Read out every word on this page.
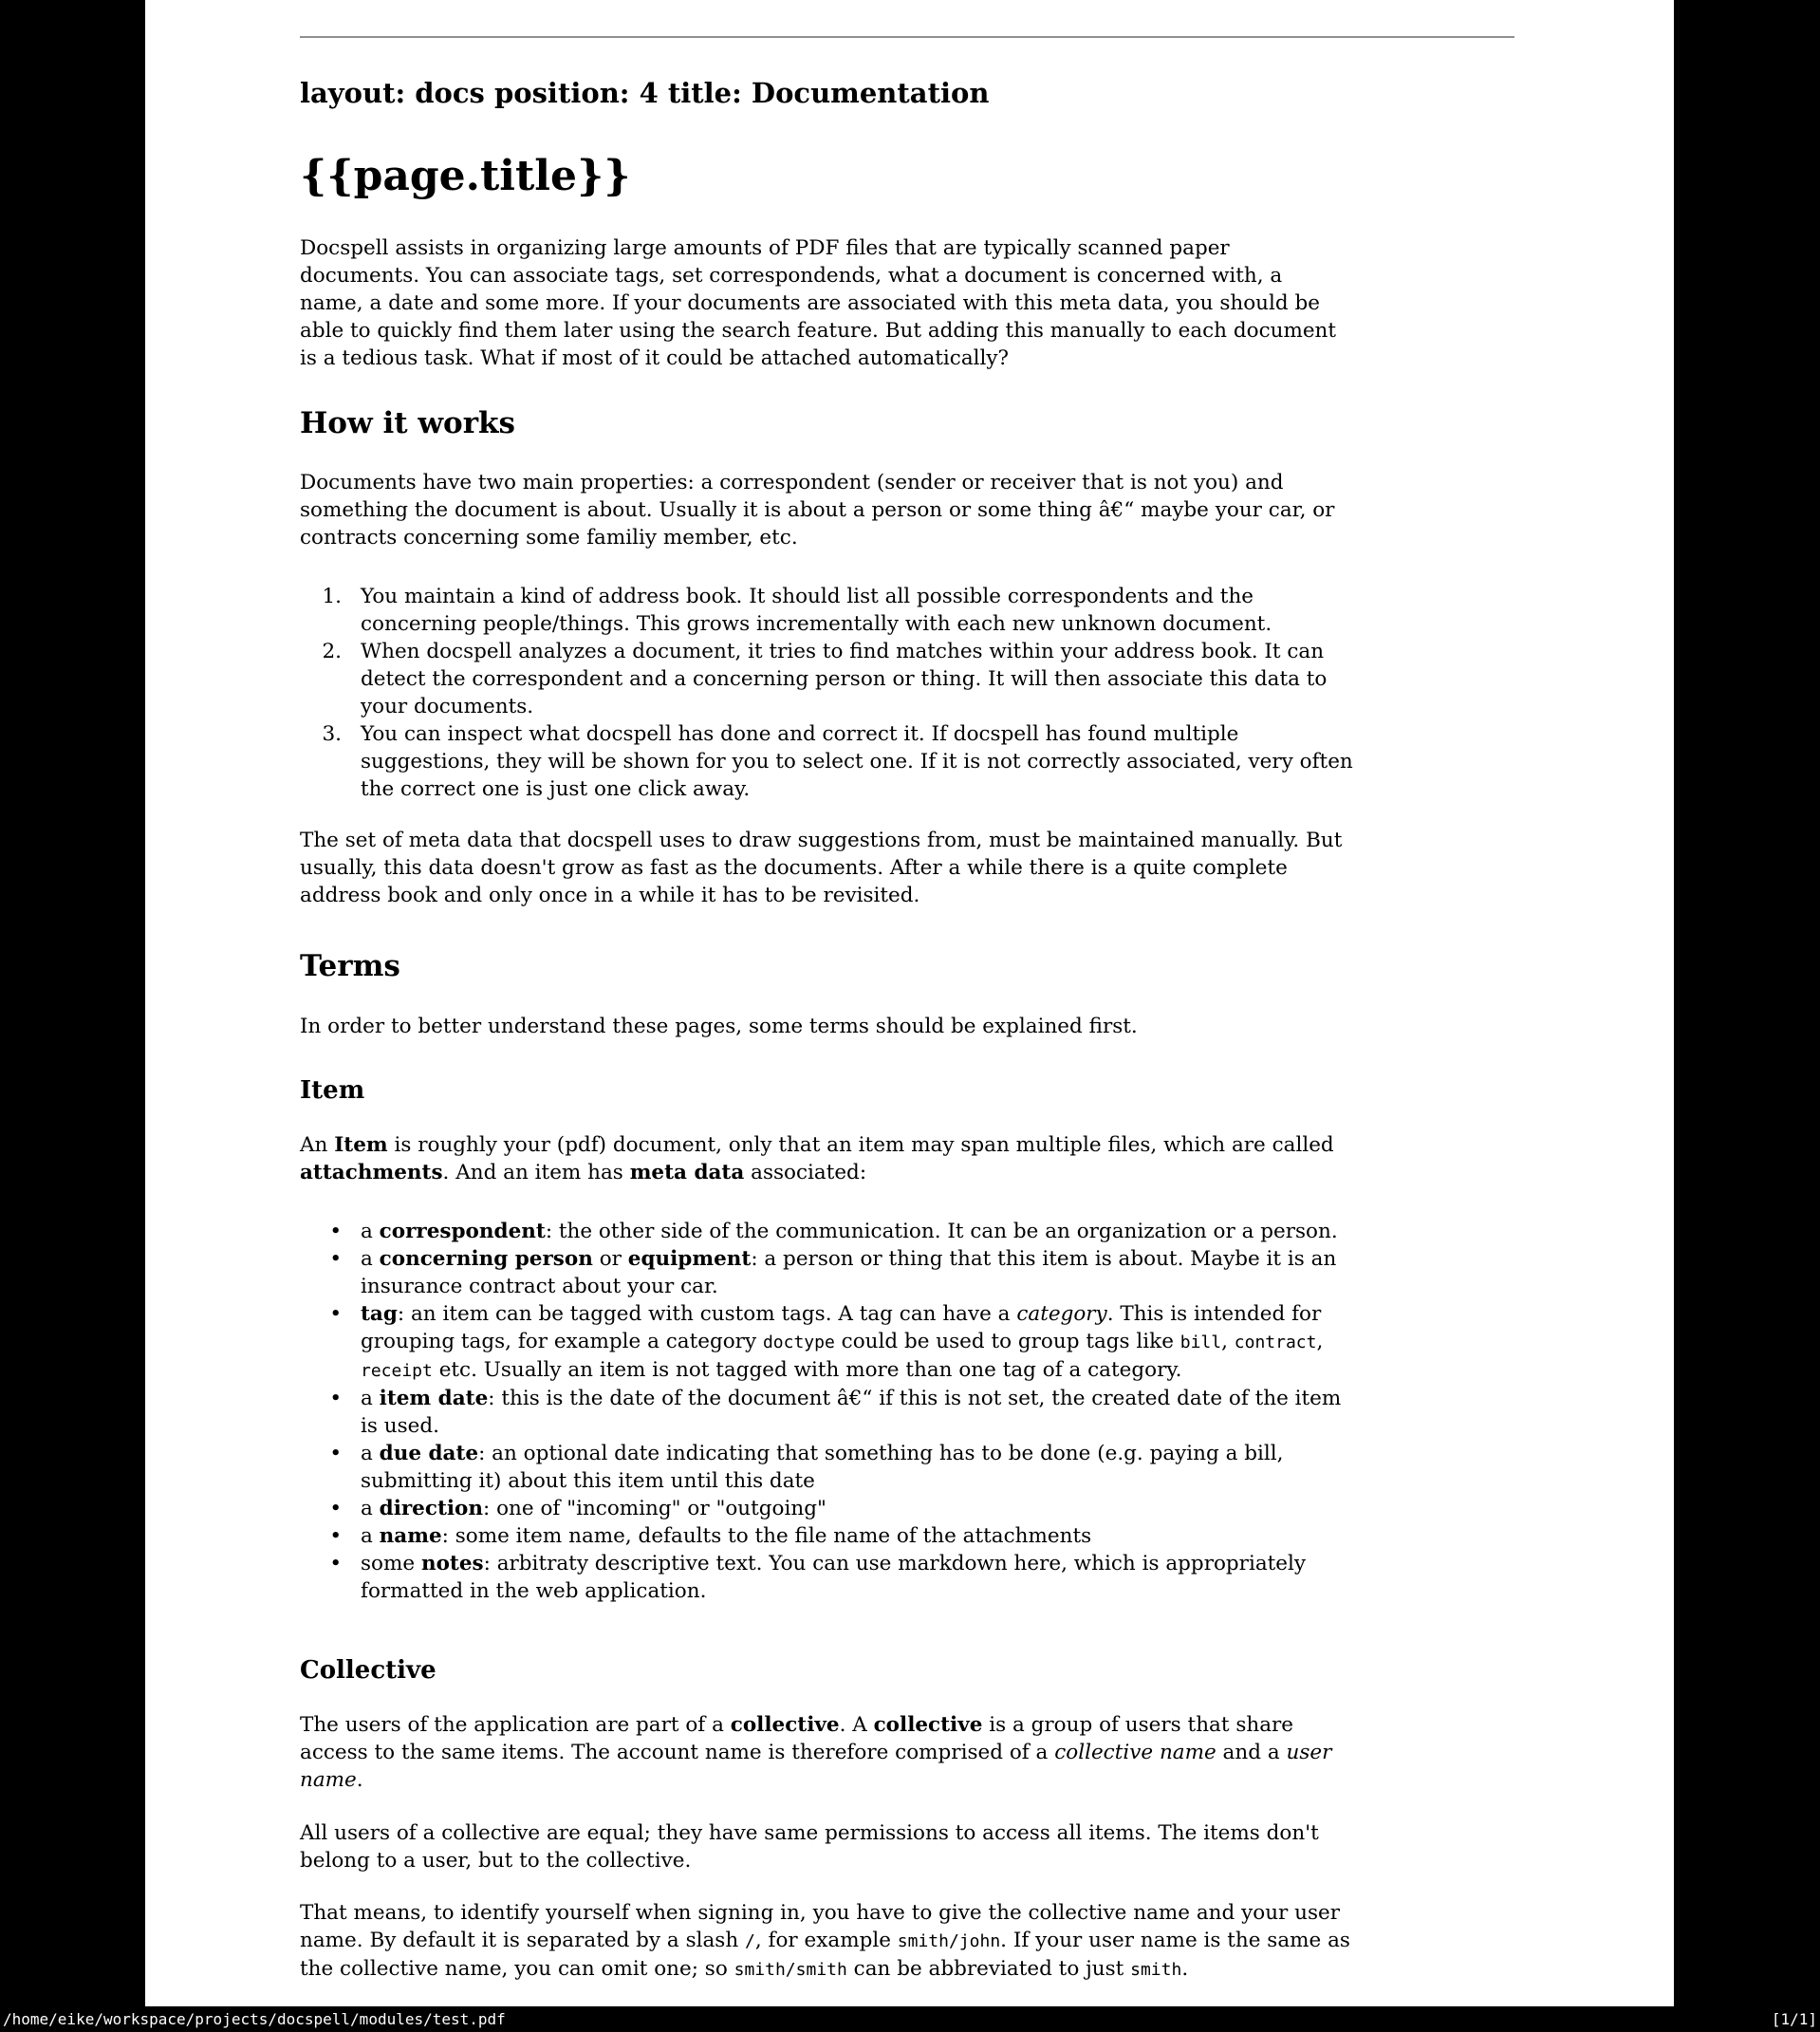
layout: docs position: 4 title: Documentation
{{page.title}}
Docspell assists in organizing large amounts of PDF files that are typically scanned paper
documents. You can associate tags, set correspondends, what a document is concerned with, a
name, a date and some more. If your documents are associated with this meta data, you should be
able to quickly find them later using the search feature. But adding this manually to each document
is a tedious task. What if most of it could be attached automatically?
How it works
Documents have two main properties: a correspondent (sender or receiver that is not you) and
something the document is about. Usually it is about a person or some thing â€“ maybe your car, or
contracts concerning some familiy member, etc.
1. You maintain a kind of address book. It should list all possible correspondents and the
concerning people/things. This grows incrementally with each new unknown document.
2. When docspell analyzes a document, it tries to find matches within your address book. It can
detect the correspondent and a concerning person or thing. It will then associate this data to
your documents.
3. You can inspect what docspell has done and correct it. If docspell has found multiple
suggestions, they will be shown for you to select one. If it is not correctly associated, very often
the correct one is just one click away.
The set of meta data that docspell uses to draw suggestions from, must be maintained manually. But
usually, this data doesn't grow as fast as the documents. After a while there is a quite complete
address book and only once in a while it has to be revisited.
Terms
In order to better understand these pages, some terms should be explained first.
Item
An Item is roughly your (pdf) document, only that an item may span multiple files, which are called
attachments. And an item has meta data associated:
• a correspondent: the other side of the communication. It can be an organization or a person.
• a concerning person or equipment: a person or thing that this item is about. Maybe it is an
insurance contract about your car.
• tag: an item can be tagged with custom tags. A tag can have a category. This is intended for
grouping tags, for example a category doctype could be used to group tags like bill, contract,
receipt etc. Usually an item is not tagged with more than one tag of a category.
• a item date: this is the date of the document â€“ if this is not set, the created date of the item
is used.
• a due date: an optional date indicating that something has to be done (e.g. paying a bill,
submitting it) about this item until this date
• a direction: one of "incoming" or "outgoing"
• a name: some item name, defaults to the file name of the attachments
• some notes: arbitraty descriptive text. You can use markdown here, which is appropriately
formatted in the web application.
Collective
The users of the application are part of a collective. A collective is a group of users that share
access to the same items. The account name is therefore comprised of a collective name and a user
name.
All users of a collective are equal; they have same permissions to access all items. The items don't
belong to a user, but to the collective.
That means, to identify yourself when signing in, you have to give the collective name and your user
name. By default it is separated by a slash /, for example smith/john. If your user name is the same as
the collective name, you can omit one; so smith/smith can be abbreviated to just smith.
/home/eike/workspace/projects/docspell/modules/test.pdf	[1/1]
